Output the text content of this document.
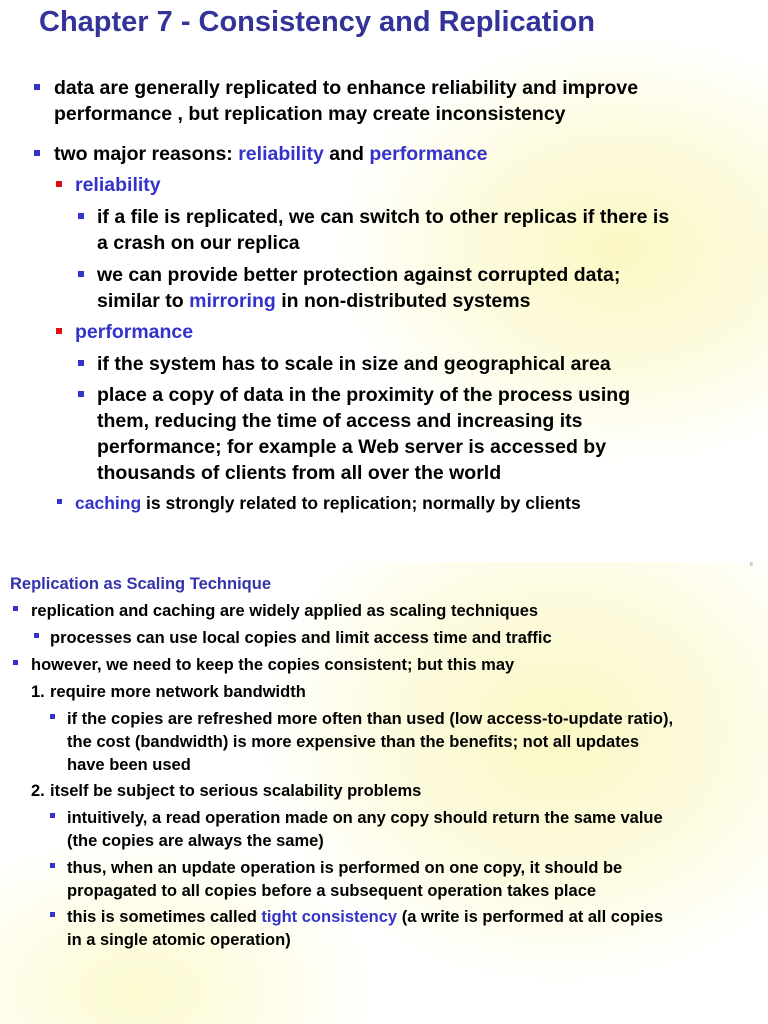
Chapter 7 - Consistency and Replication

data are generally replicated to enhance reliability and improve

performance , but replication may create inconsistency

two major reasons: reliability and performance

reliability

if a file is replicated, we can switch to other replicas if there is

a crash on our replica

we can provide better protection against corrupted data;

similar to mirroring in non-distributed systems

performance

if the system has to scale in size and geographical area

place a copy of data in the proximity of the process using

them, reducing the time of access and increasing its

performance; for example a Web server is accessed by

thousands of clients from all over the world

caching is strongly related to replication; normally by clients

6

Replication as Scaling Technique

replication and caching are widely applied as scaling techniques

processes can use local copies and limit access time and traffic

however, we need to keep the copies consistent; but this may

1. require more network bandwidth

if the copies are refreshed more often than used (low access-to-update ratio),

the cost (bandwidth) is more expensive than the benefits; not all updates

have been used

2. itself be subject to serious scalability problems

intuitively, a read operation made on any copy should return the same value

(the copies are always the same)

thus, when an update operation is performed on one copy, it should be

propagated to all copies before a subsequent operation takes place

this is sometimes called tight consistency (a write is performed at all copies

in a single atomic operation)
